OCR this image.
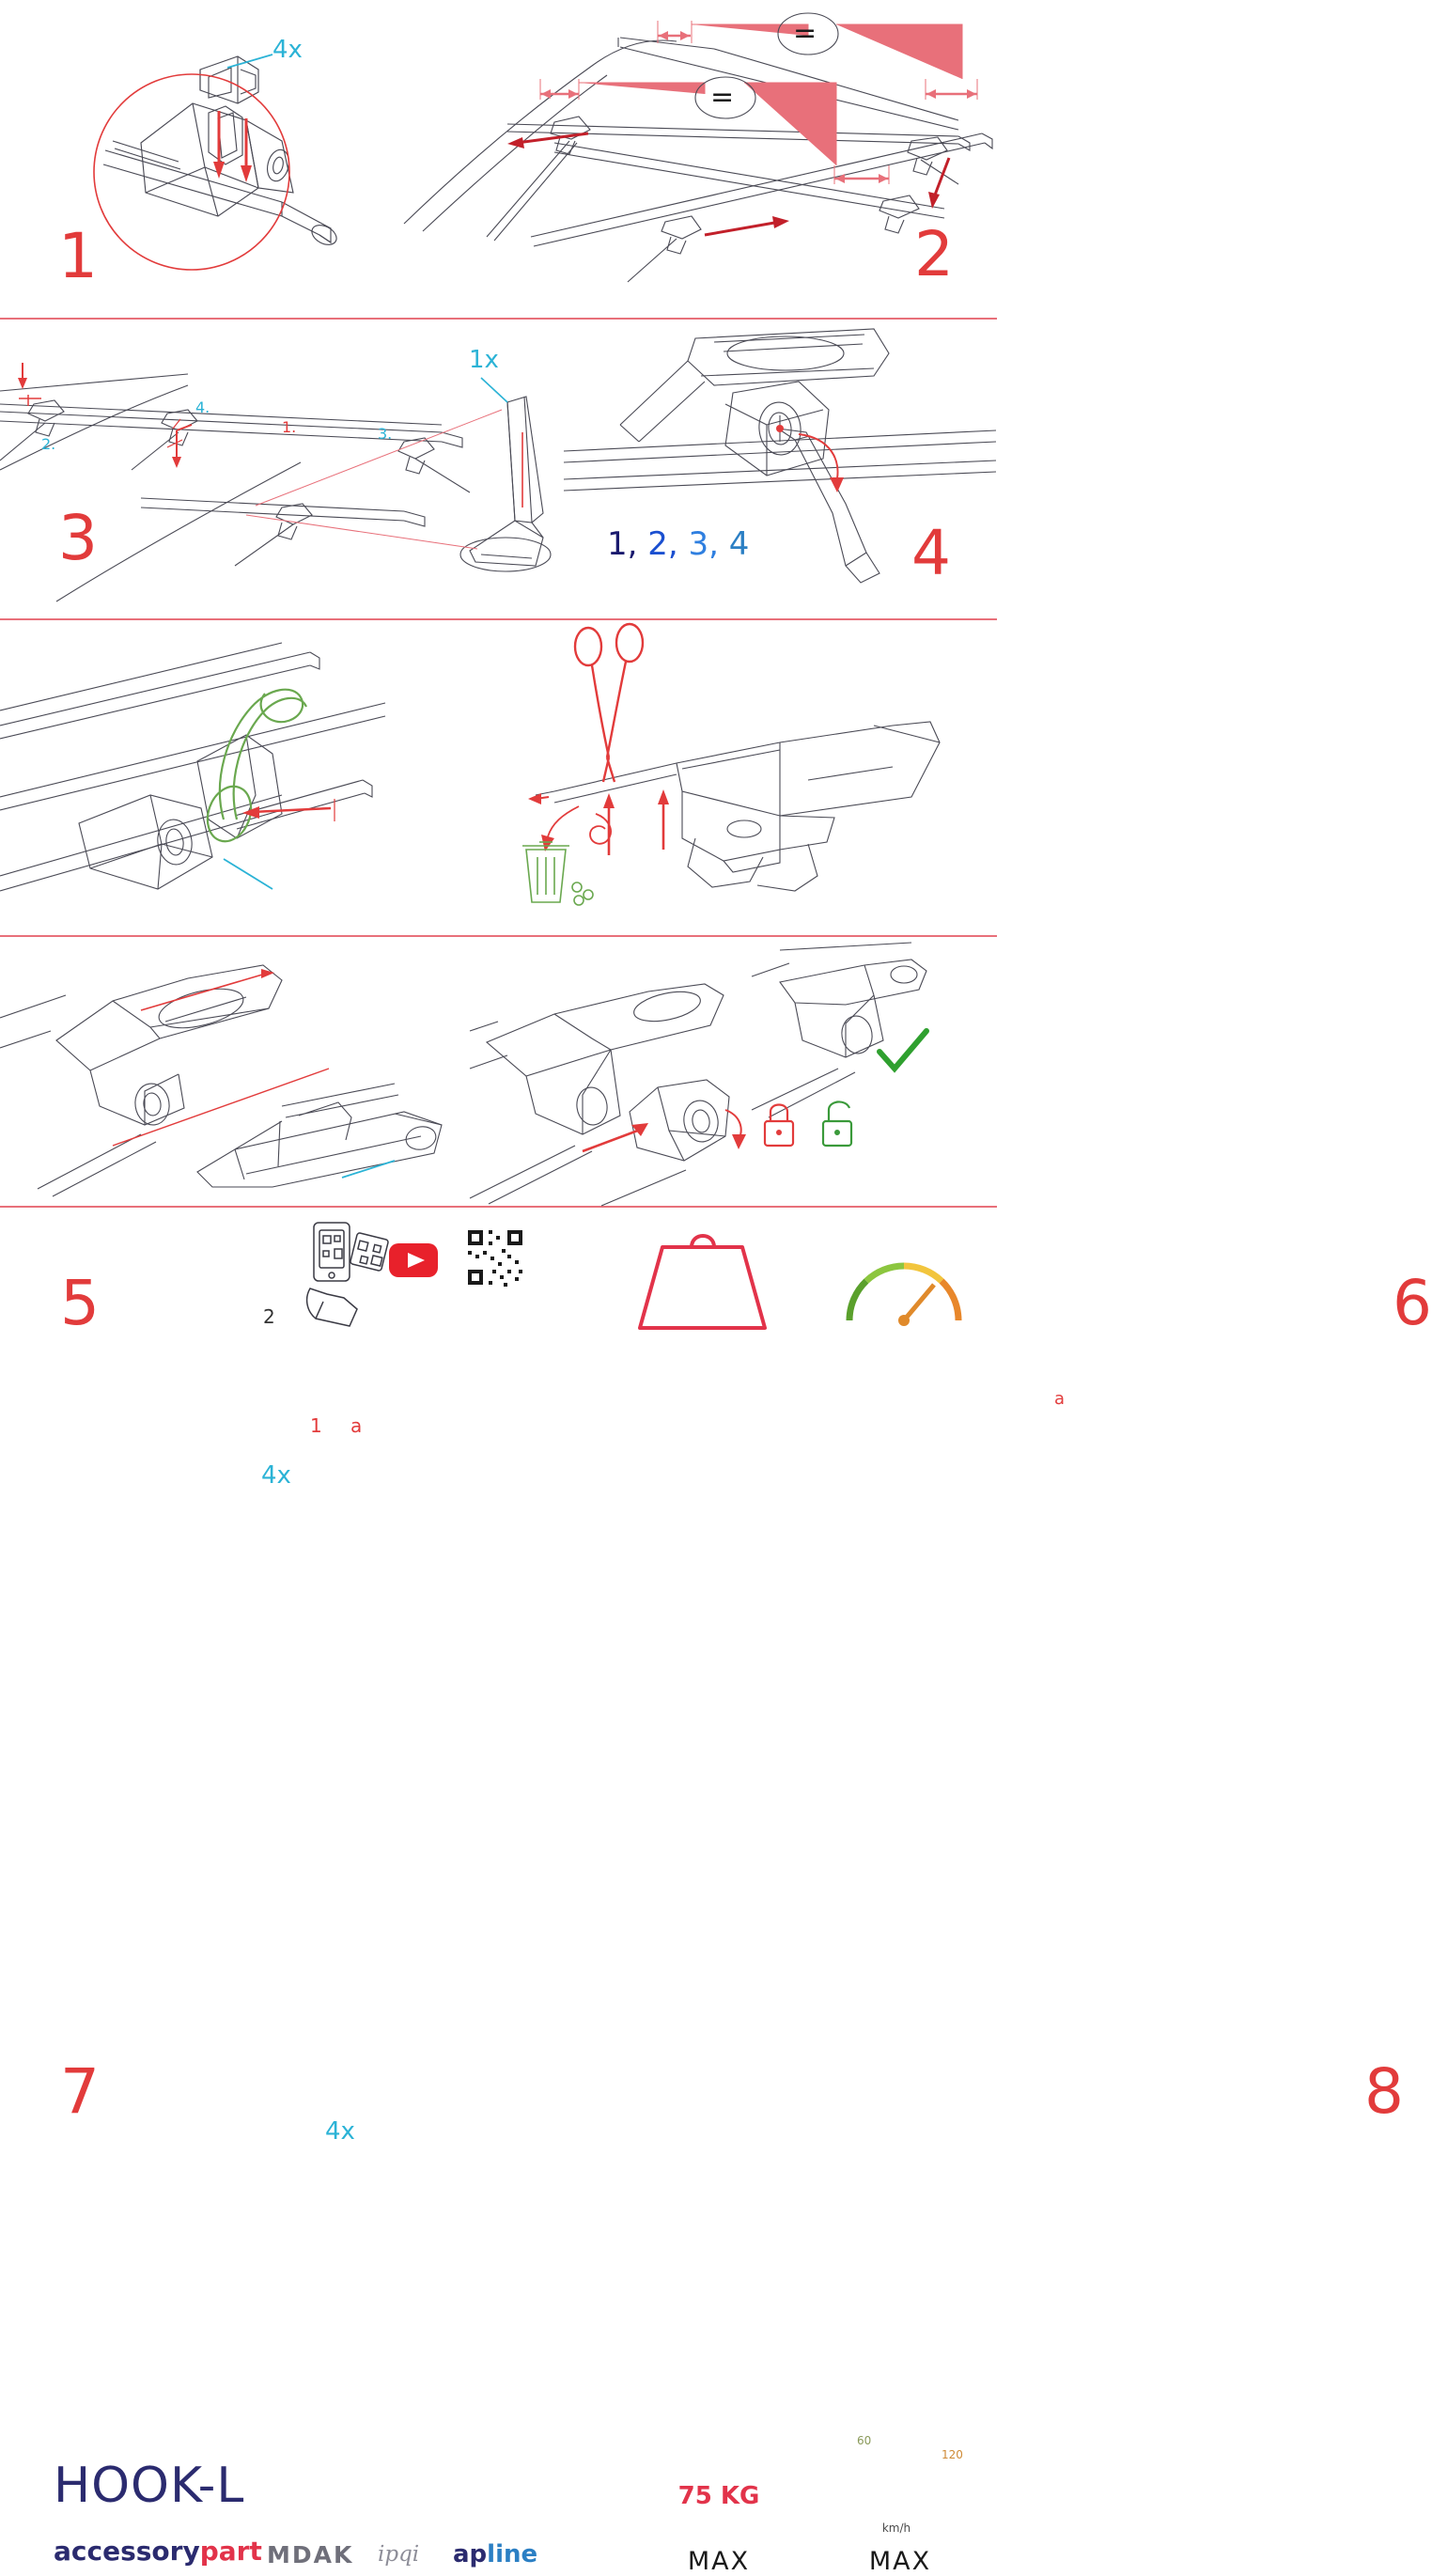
4x
1
=
=
2
1x
1.
2.
3.
4.
3	1, 2, 3, 4	4
2
1 a
4x
5
a
6
4x
7	8
HOOK-L
accessorypart MDAK ipqi apline
75 KG
MAX
km/h
MAX
60
120
